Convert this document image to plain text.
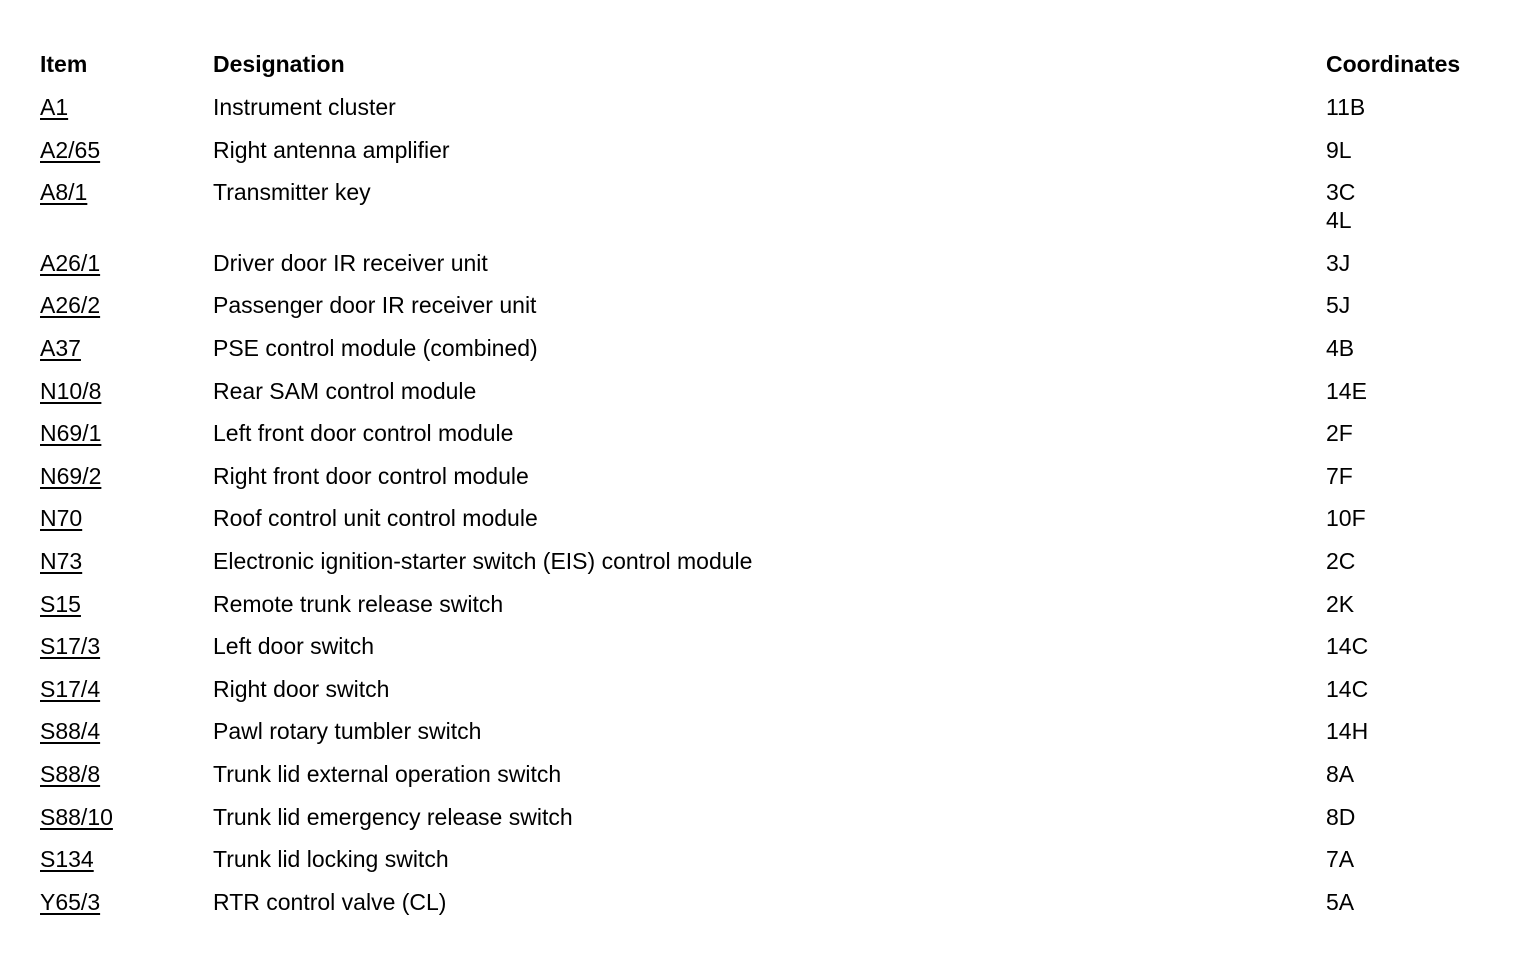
Item	Designation	Coordinates
A1	Instrument cluster	11B
A2/65	Right antenna amplifier	9L
A8/1	Transmitter key	3C
4L
A26/1	Driver door IR receiver unit	3J
A26/2	Passenger door IR receiver unit	5J
A37	PSE control module (combined)	4B
N10/8	Rear SAM control module	14E
N69/1	Left front door control module	2F
N69/2	Right front door control module	7F
N70	Roof control unit control module	10F
N73	Electronic ignition-starter switch (EIS) control module	2C
S15	Remote trunk release switch	2K
S17/3	Left door switch	14C
S17/4	Right door switch	14C
S88/4	Pawl rotary tumbler switch	14H
S88/8	Trunk lid external operation switch	8A
S88/10	Trunk lid emergency release switch	8D
S134	Trunk lid locking switch	7A
Y65/3	RTR control valve (CL)	5A
